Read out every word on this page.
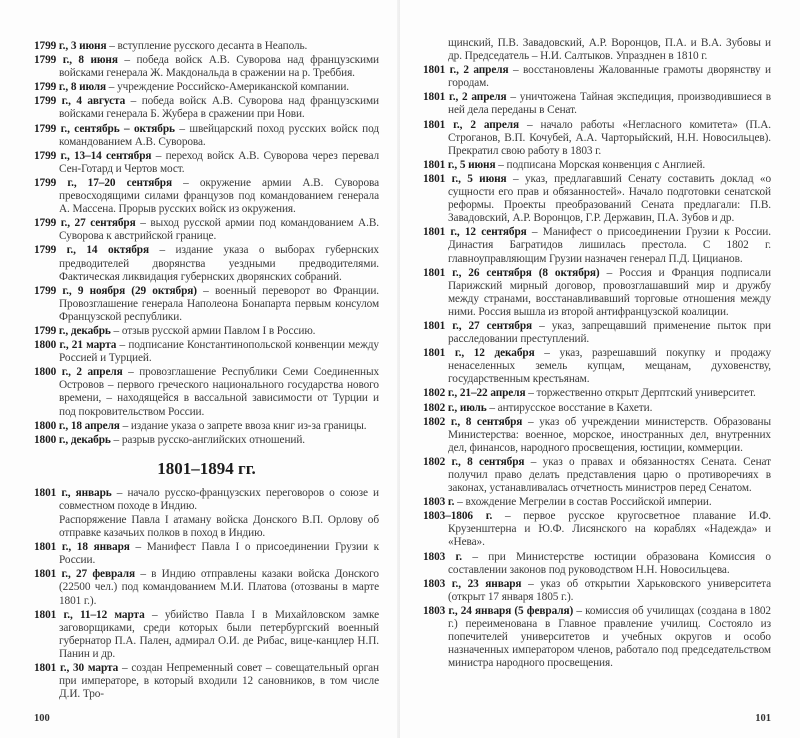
1799 г., 3 июня – вступление русского десанта в Неаполь.

1799 г., 8 июня – победа войск А.В. Суворова над французскими войсками генерала Ж. Макдональда в сражении на р. Треббия.

1799 г., 8 июля – учреждение Российско-Американской компании.

1799 г., 4 августа – победа войск А.В. Суворова над французскими войсками генерала Б. Жубера в сражении при Нови.

1799 г., сентябрь – октябрь – швейцарский поход русских войск под командованием А.В. Суворова.

1799 г., 13–14 сентября – переход войск А.В. Суворова через перевал Сен-Готард и Чертов мост.

1799 г., 17–20 сентября – окружение армии А.В. Суворова превосходящими силами французов под командованием генерала А. Массена. Прорыв русских войск из окружения.

1799 г., 27 сентября – выход русской армии под командованием А.В. Суворова к австрийской границе.

1799 г., 14 октября – издание указа о выборах губернских предводителей дворянства уездными предводителями. Фактическая ликвидация губернских дворянских собраний.

1799 г., 9 ноября (29 октября) – военный переворот во Франции. Провозглашение генерала Наполеона Бонапарта первым консулом Французской республики.

1799 г., декабрь – отзыв русской армии Павлом I в Россию.

1800 г., 21 марта – подписание Константинопольской конвенции между Россией и Турцией.

1800 г., 2 апреля – провозглашение Республики Семи Соединенных Островов – первого греческого национального государства нового времени, – находящейся в вассальной зависимости от Турции и под покровительством России.

1800 г., 18 апреля – издание указа о запрете ввоза книг из-за границы.

1800 г., декабрь – разрыв русско-английских отношений.

1801–1894 гг.

1801 г., январь – начало русско-французских переговоров о союзе и совместном походе в Индию.

Распоряжение Павла I атаману войска Донского В.П. Орлову об отправке казачьих полков в поход в Индию.

1801 г., 18 января – Манифест Павла I о присоединении Грузии к России.

1801 г., 27 февраля – в Индию отправлены казаки войска Донского (22500 чел.) под командованием М.И. Платова (отозваны в марте 1801 г.).

1801 г., 11–12 марта – убийство Павла I в Михайловском замке заговорщиками, среди которых были петербургский военный губернатор П.А. Пален, адмирал О.И. де Рибас, вице-канцлер Н.П. Панин и др.

1801 г., 30 марта – создан Непременный совет – совещательный орган при императоре, в который входили 12 сановников, в том числе Д.И. Тро-

100

щинский, П.В. Завадовский, А.Р. Воронцов, П.А. и В.А. Зубовы и др. Председатель – Н.И. Салтыков. Упразднен в 1810 г.

1801 г., 2 апреля – восстановлены Жалованные грамоты дворянству и городам.

1801 г., 2 апреля – уничтожена Тайная экспедиция, производившиеся в ней дела переданы в Сенат.

1801 г., 2 апреля – начало работы «Негласного комитета» (П.А. Строганов, В.П. Кочубей, А.А. Чарторыйский, Н.Н. Новосильцев). Прекратил свою работу в 1803 г.

1801 г., 5 июня – подписана Морская конвенция с Англией.

1801 г., 5 июня – указ, предлагавший Сенату составить доклад «о сущности его прав и обязанностей». Начало подготовки сенатской реформы. Проекты преобразований Сената предлагали: П.В. Завадовский, А.Р. Воронцов, Г.Р. Державин, П.А. Зубов и др.

1801 г., 12 сентября – Манифест о присоединении Грузии к России. Династия Багратидов лишилась престола. С 1802 г. главноуправляющим Грузии назначен генерал П.Д. Цицианов.

1801 г., 26 сентября (8 октября) – Россия и Франция подписали Парижский мирный договор, провозглашавший мир и дружбу между странами, восстанавливавший торговые отношения между ними. Россия вышла из второй антифранцузской коалиции.

1801 г., 27 сентября – указ, запрещавший применение пыток при расследовании преступлений.

1801 г., 12 декабря – указ, разрешавший покупку и продажу ненаселенных земель купцам, мещанам, духовенству, государственным крестьянам.

1802 г., 21–22 апреля – торжественно открыт Дерптский университет.

1802 г., июль – антирусское восстание в Кахети.

1802 г., 8 сентября – указ об учреждении министерств. Образованы Министерства: военное, морское, иностранных дел, внутренних дел, финансов, народного просвещения, юстиции, коммерции.

1802 г., 8 сентября – указ о правах и обязанностях Сената. Сенат получил право делать представления царю о противоречиях в законах, устанавливалась отчетность министров перед Сенатом.

1803 г. – вхождение Мегрелии в состав Российской империи.

1803–1806 г. – первое русское кругосветное плавание И.Ф. Крузенштерна и Ю.Ф. Лисянского на кораблях «Надежда» и «Нева».

1803 г. – при Министерстве юстиции образована Комиссия о составлении законов под руководством Н.Н. Новосильцева.

1803 г., 23 января – указ об открытии Харьковского университета (открыт 17 января 1805 г.).

1803 г., 24 января (5 февраля) – комиссия об училищах (создана в 1802 г.) переименована в Главное правление училищ. Состояло из попечителей университетов и учебных округов и особо назначенных императором членов, работало под председательством министра народного просвещения.

101
